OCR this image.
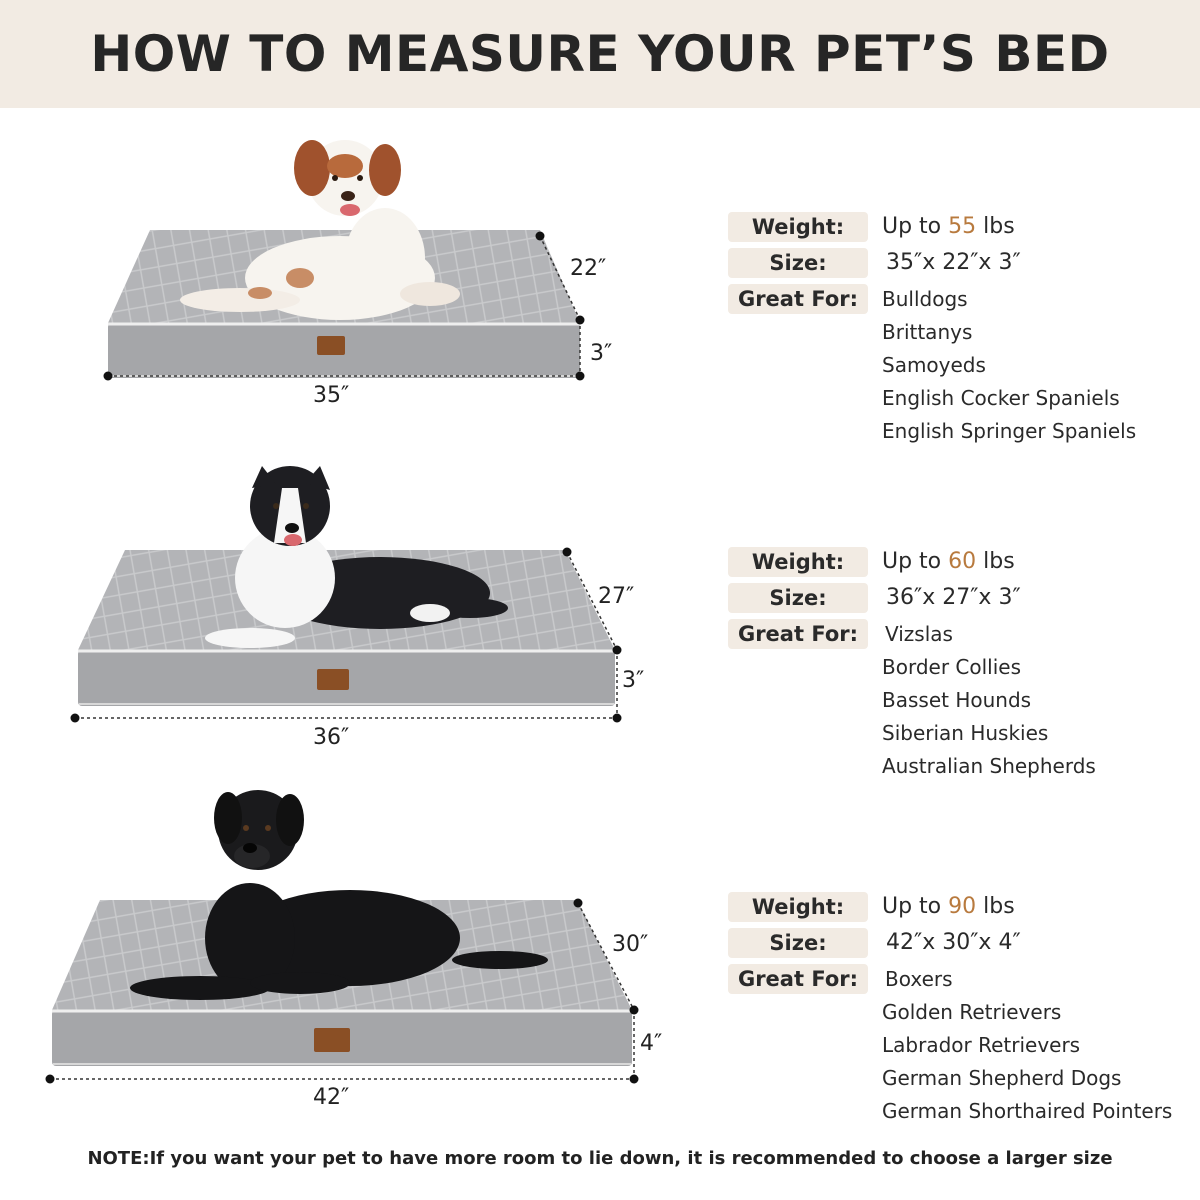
HOW TO MEASURE YOUR PET’S BED
22″
3″
35″
Weight:	Up to 55 lbs
Size:	35″x 22″x 3″
Great For:	Bulldogs
Brittanys
Samoyeds
English Cocker Spaniels
English Springer Spaniels
27″
3″
36″
Weight:	Up to 60 lbs
Size:	36″x 27″x 3″
Great For:	Vizslas
Border Collies
Basset Hounds
Siberian Huskies
Australian Shepherds
30″
4″
42″
Weight:	Up to 90 lbs
Size:	42″x 30″x 4″
Great For:	Boxers
Golden Retrievers
Labrador Retrievers
German Shepherd Dogs
German Shorthaired Pointers
NOTE:If you want your pet to have more room to lie down, it is recommended to choose a larger size
